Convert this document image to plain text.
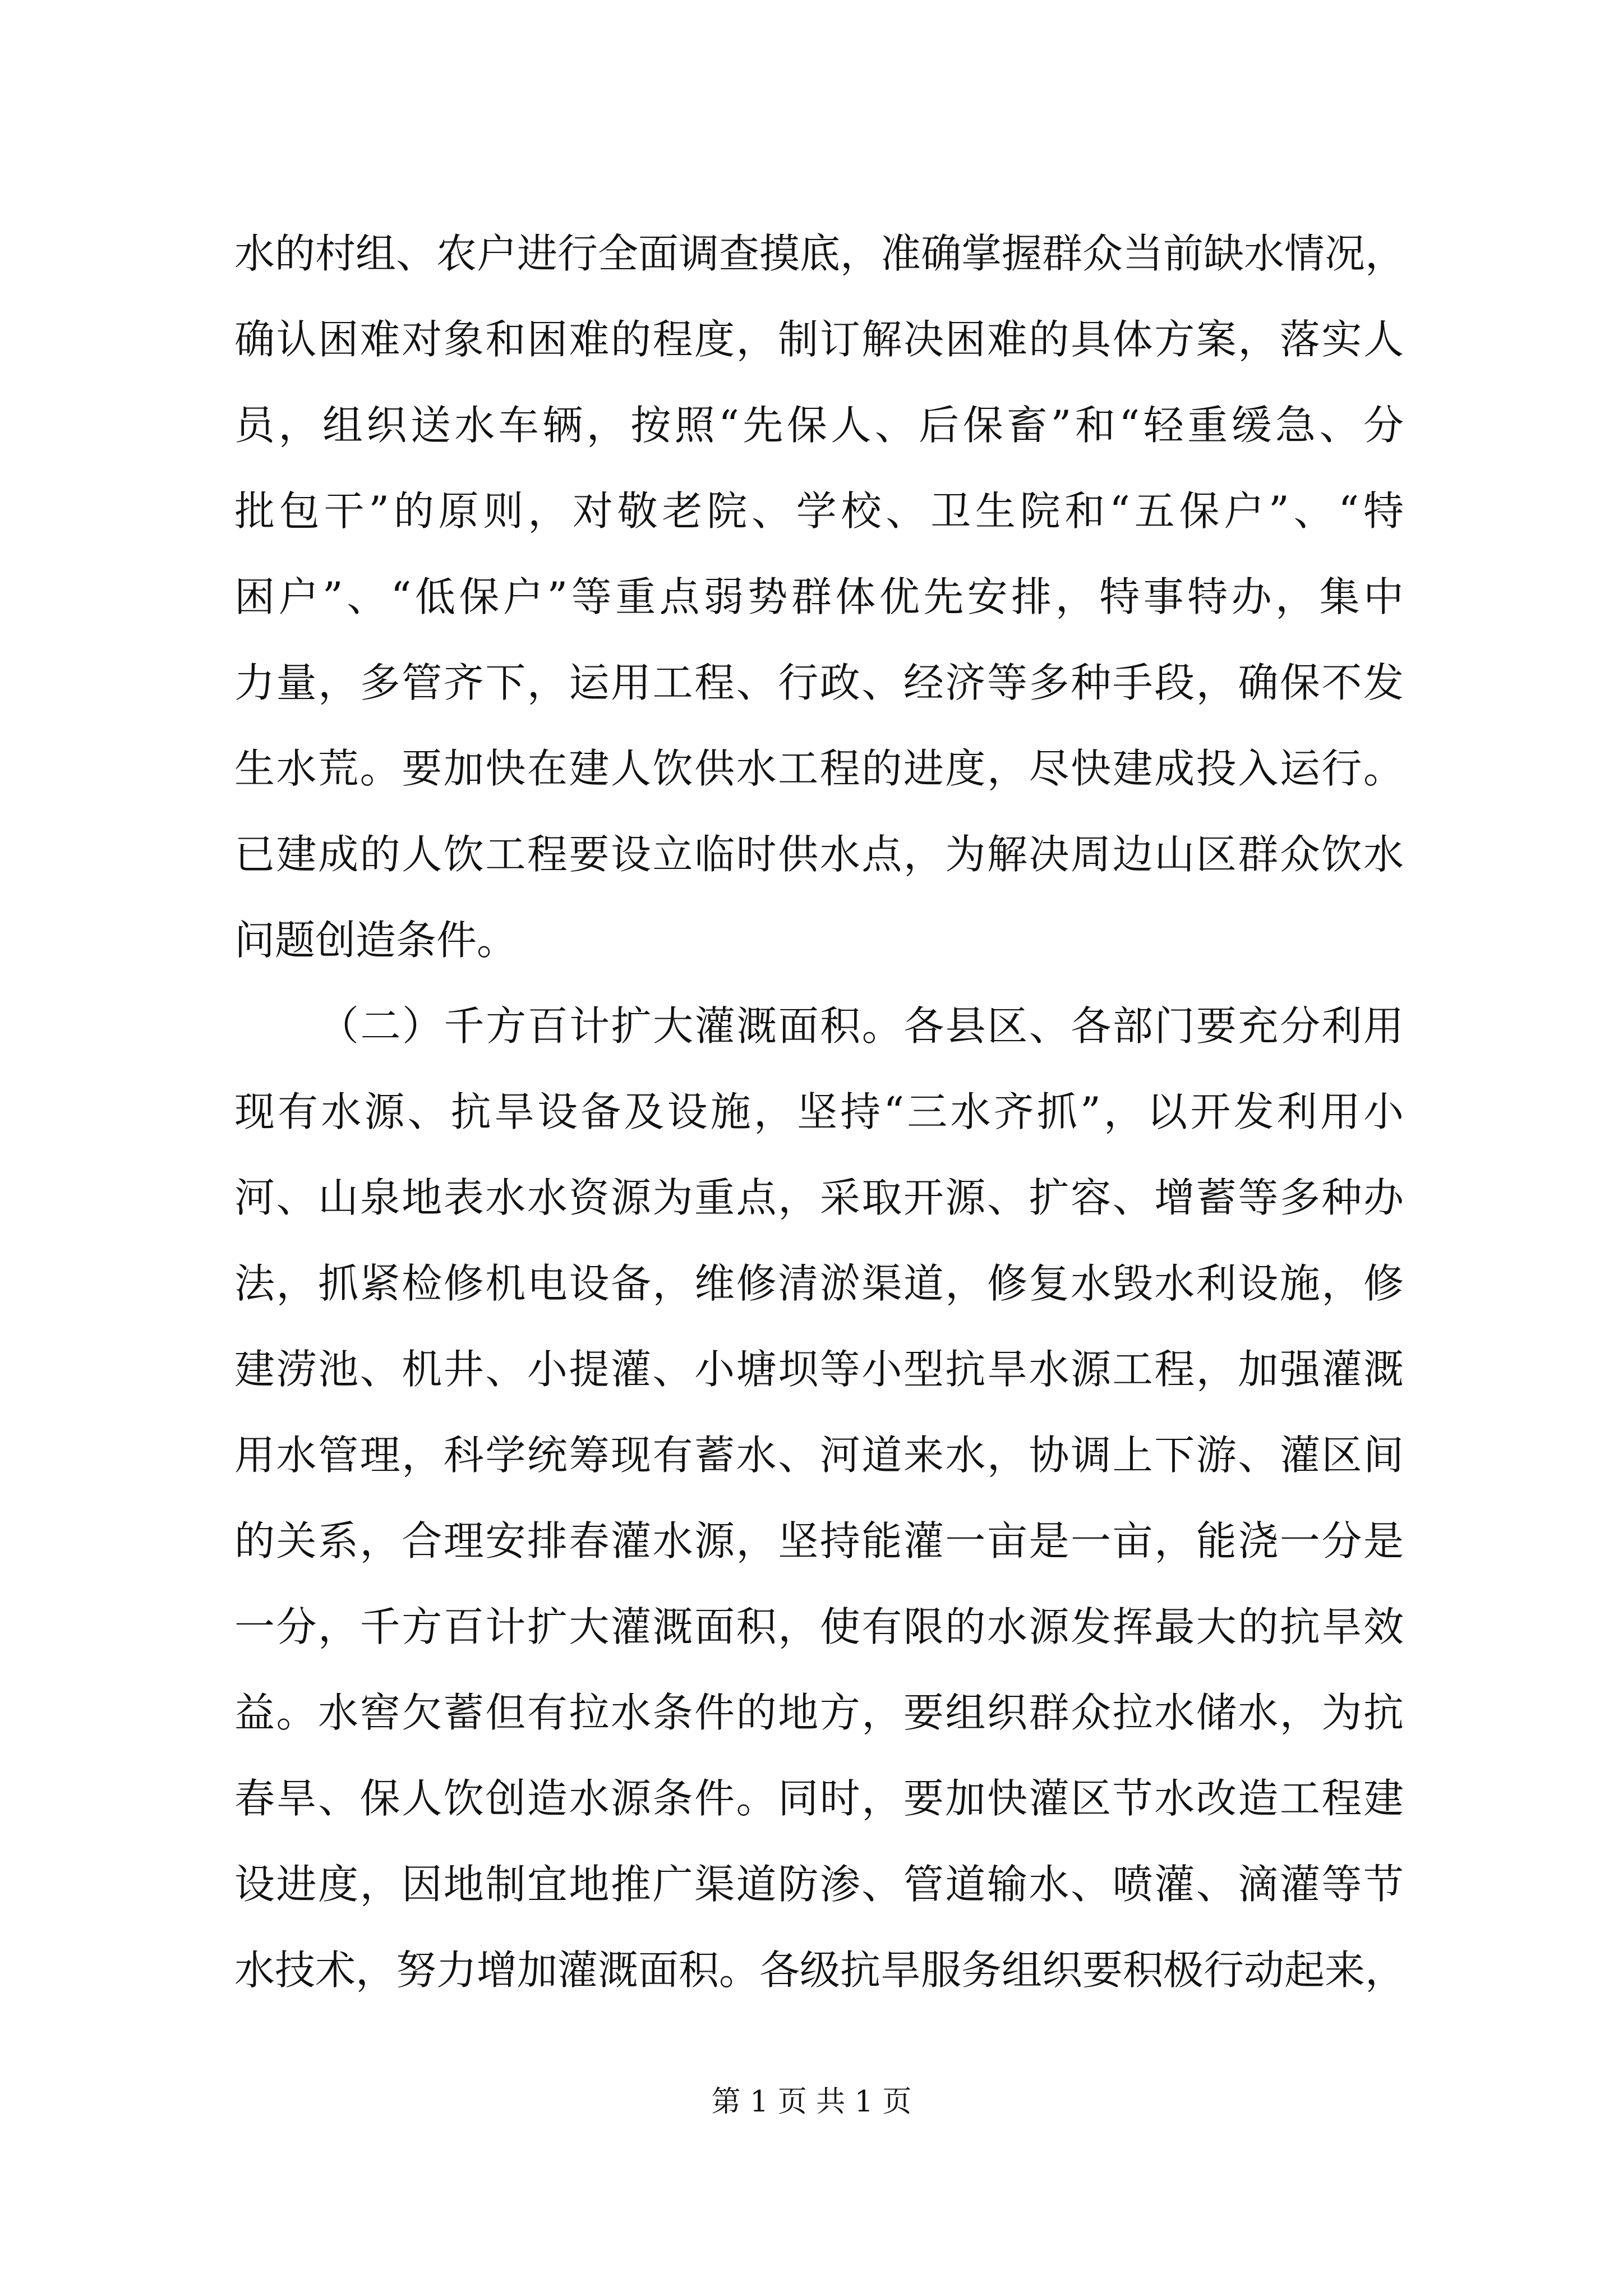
水的村组、农户进行全面调查摸底，准确掌握群众当前缺水情况，
确认困难对象和困难的程度，制订解决困难的具体方案，落实人
员，组织送水车辆，按照“先保人、后保畜”和“轻重缓急、分
批包干”的原则，对敬老院、学校、卫生院和“五保户”、“特
困户”、“低保户”等重点弱势群体优先安排，特事特办，集中
力量，多管齐下，运用工程、行政、经济等多种手段，确保不发
生水荒。要加快在建人饮供水工程的进度，尽快建成投入运行。
已建成的人饮工程要设立临时供水点，为解决周边山区群众饮水
问题创造条件。
（二）千方百计扩大灌溉面积。各县区、各部门要充分利用
现有水源、抗旱设备及设施，坚持“三水齐抓”，以开发利用小
河、山泉地表水水资源为重点，采取开源、扩容、增蓄等多种办
法，抓紧检修机电设备，维修清淤渠道，修复水毁水利设施，修
建涝池、机井、小提灌、小塘坝等小型抗旱水源工程，加强灌溉
用水管理，科学统筹现有蓄水、河道来水，协调上下游、灌区间
的关系，合理安排春灌水源，坚持能灌一亩是一亩，能浇一分是
一分，千方百计扩大灌溉面积，使有限的水源发挥最大的抗旱效
益。水窖欠蓄但有拉水条件的地方，要组织群众拉水储水，为抗
春旱、保人饮创造水源条件。同时，要加快灌区节水改造工程建
设进度，因地制宜地推广渠道防渗、管道输水、喷灌、滴灌等节
水技术，努力增加灌溉面积。各级抗旱服务组织要积极行动起来，
第 1 页 共 1 页
